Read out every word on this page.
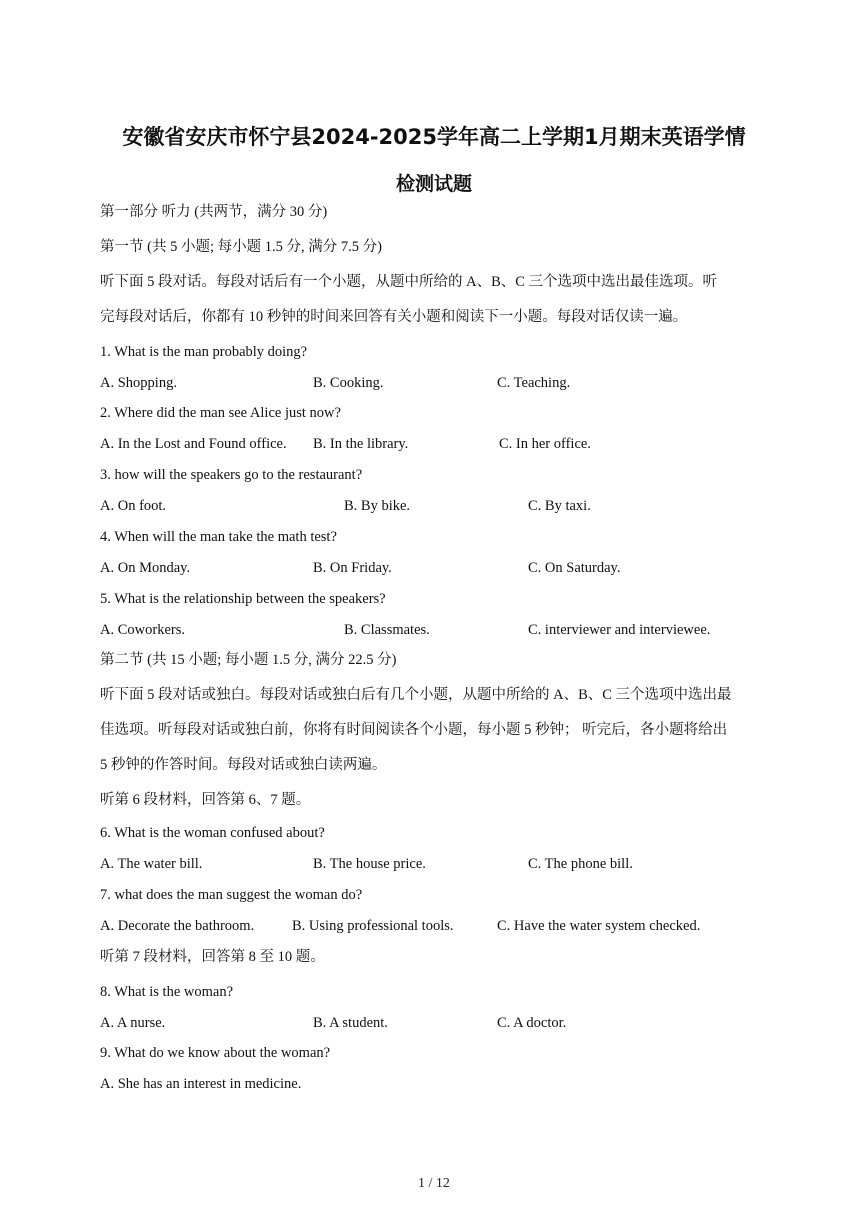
安徽省安庆市怀宁县2024-2025学年高二上学期1月期末英语学情
检测试题
第一部分 听力 (共两节，满分 30 分)
第一节 (共 5 小题; 每小题 1.5 分, 满分 7.5 分)
听下面 5 段对话。每段对话后有一个小题，从题中所给的 A、B、C 三个选项中选出最佳选项。听
完每段对话后，你都有 10 秒钟的时间来回答有关小题和阅读下一小题。每段对话仅读一遍。
1. What is the man probably doing?
A. Shopping.	B. Cooking.	C. Teaching.
2. Where did the man see Alice just now?
A. In the Lost and Found office. B. In the library.	C. In her office.
3. how will the speakers go to the restaurant?
A. On foot.	B. By bike.	C. By taxi.
4. When will the man take the math test?
A. On Monday.	B. On Friday.	C. On Saturday.
5. What is the relationship between the speakers?
A. Coworkers.	B. Classmates.	C. interviewer and interviewee.
第二节 (共 15 小题; 每小题 1.5 分, 满分 22.5 分)
听下面 5 段对话或独白。每段对话或独白后有几个小题，从题中所给的 A、B、C 三个选项中选出最
佳选项。听每段对话或独白前，你将有时间阅读各个小题，每小题 5 秒钟； 听完后，各小题将给出
5 秒钟的作答时间。每段对话或独白读两遍。
听第 6 段材料，回答第 6、7 题。
6. What is the woman confused about?
A. The water bill.	B. The house price.	C. The phone bill.
7. what does the man suggest the woman do?
A. Decorate the bathroom.	B. Using professional tools.	C. Have the water system checked.
听第 7 段材料，回答第 8 至 10 题。
8. What is the woman?
A. A nurse.	B. A student.	C. A doctor.
9. What do we know about the woman?
A. She has an interest in medicine.
1 / 12
